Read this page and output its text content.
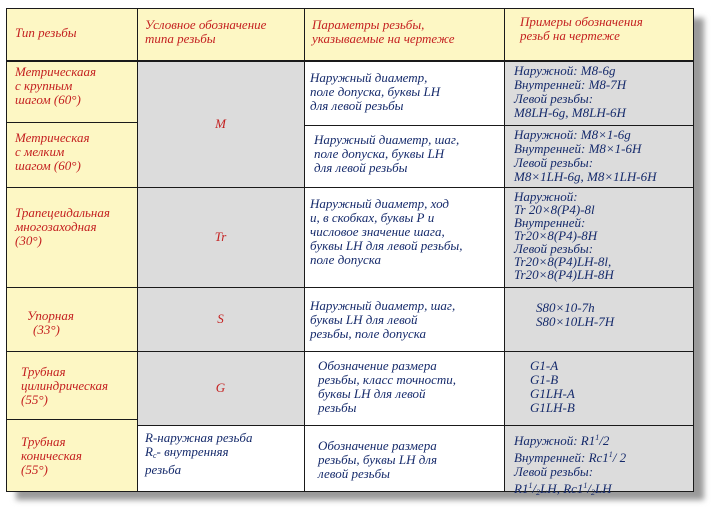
Тип резьбы
Условное обозначение
типа резьбы
Параметры резьбы,
указываемые на чертеже
Примеры обозначения
резьб на чертеже
Метрическаая
с крупным
шагом (60°)
Метрическая
с мелким
шагом (60°)
Трапецеидальная
многозаходная
(30°)
Упорная
(33°)
Трубная
цилиндрическая
(55°)
Трубная
коническая
(55°)
M
Tr
S
G
R-наружная резьба
$R_c-$ внутренняя
резьба
Наружный диаметр,
поле допуска, буквы LH
для левой резьбы
Наружный диаметр, шаг,
поле допуска, буквы LH
для левой резьбы
Наружный диаметр, ход
и, в скобках, буквы Р и
числовое значение шага,
буквы LH для левой резьбы,
поле допуска
Наружный диаметр, шаг,
буквы LH для левой
резьбы, поле допуска
Обозначение размера
резьбы, класс точности,
буквы LH для левой
резьбы
Обозначение размера
резьбы, буквы LH для
левой резьбы
Наружной: М8-6g
Внутренней: М8-7Н
Левой резьбы:
M8LH-6g, M8LH-6H
Наружной: М8×1-6g
Внутренней: М8×1-6Н
Левой резьбы:
М8×1LH-6g, М8×1LH-6H
Наружной:
Tr 20×8(P4)-8l
Внутренней:
Tr20×8(P4)-8H
Левой резьбы:
Tr20×8(P4)LH-8l,
Tr20×8(P4)LH-8H
S80×10-7h
S80×10LH-7H
G1-A
G1-B
G1LH-A
G1LH-B
Наружной: $R1^1/2$
Внутренней: $Rc1^1/$ 2
Левой резьбы:
$R1^1/_2LH$, $Rc1^1/_2LH$
